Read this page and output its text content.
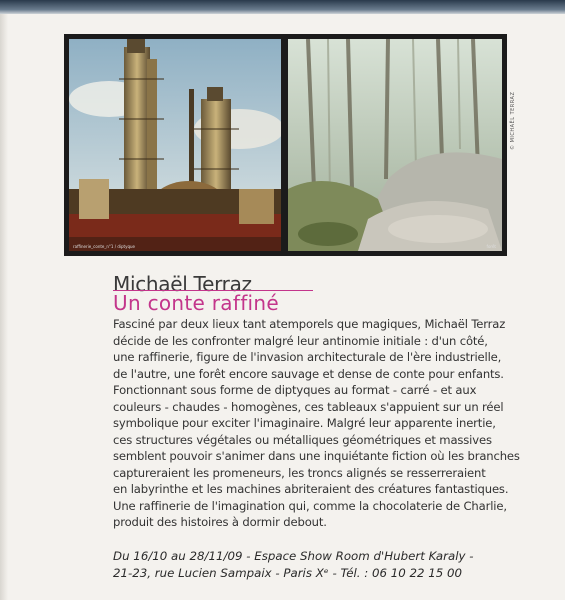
raffinerie_conte_n°1 / diptyque	forêt
© MICHAËL TERRAZ
Michaël Terraz
Un conte raffiné
Fasciné par deux lieux tant atemporels que magiques, Michaël Terraz
décide de les confronter malgré leur antinomie initiale : d'un côté,
une raffinerie, figure de l'invasion architecturale de l'ère industrielle,
de l'autre, une forêt encore sauvage et dense de conte pour enfants.
Fonctionnant sous forme de diptyques au format - carré - et aux
couleurs - chaudes - homogènes, ces tableaux s'appuient sur un réel
symbolique pour exciter l'imaginaire. Malgré leur apparente inertie,
ces structures végétales ou métalliques géométriques et massives
semblent pouvoir s'animer dans une inquiétante fiction où les branches
captureraient les promeneurs, les troncs alignés se resserreraient
en labyrinthe et les machines abriteraient des créatures fantastiques.
Une raffinerie de l'imagination qui, comme la chocolaterie de Charlie,
produit des histoires à dormir debout.
Du 16/10 au 28/11/09 - Espace Show Room d'Hubert Karaly -
21-23, rue Lucien Sampaix - Paris Xᵉ - Tél. : 06 10 22 15 00
